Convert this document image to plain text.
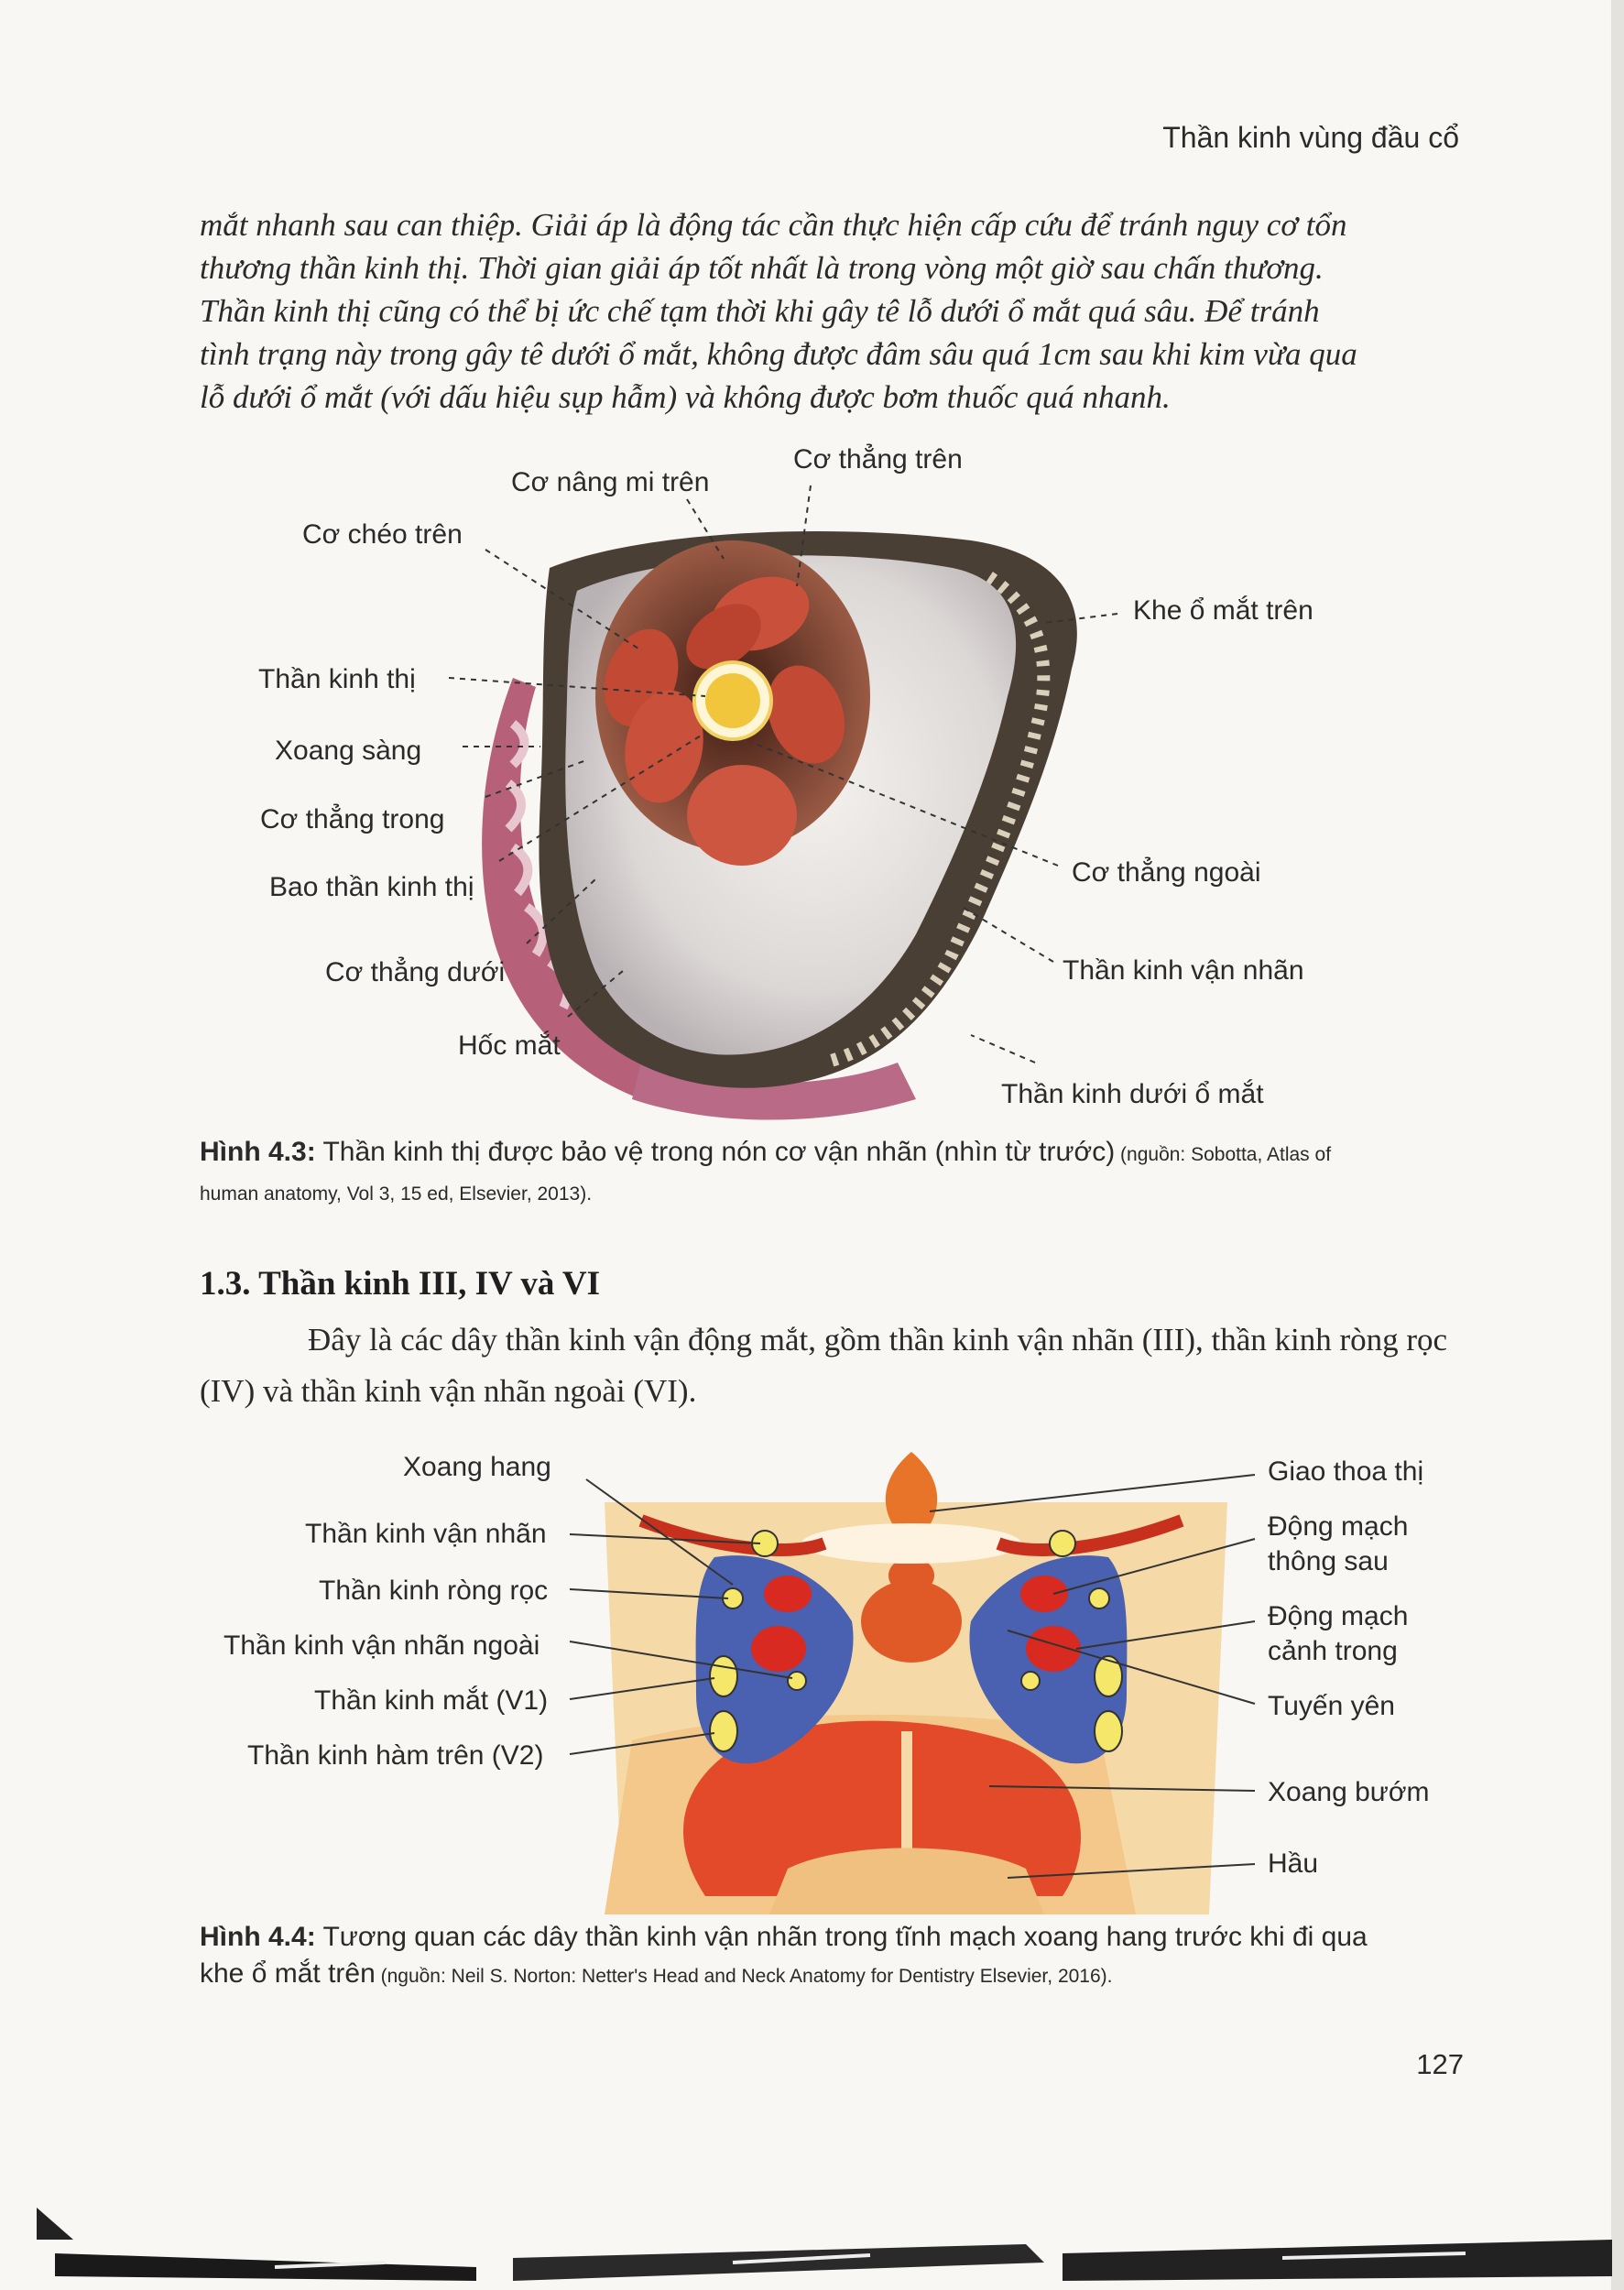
Thần kinh vùng đầu cổ

mắt nhanh sau can thiệp. Giải áp là động tác cần thực hiện cấp cứu để tránh nguy cơ tổn

thương thần kinh thị. Thời gian giải áp tốt nhất là trong vòng một giờ sau chấn thương.

Thần kinh thị cũng có thể bị ức chế tạm thời khi gây tê lỗ dưới ổ mắt quá sâu. Để tránh

tình trạng này trong gây tê dưới ổ mắt, không được đâm sâu quá 1cm sau khi kim vừa qua

lỗ dưới ổ mắt (với dấu hiệu sụp hẫm) và không được bơm thuốc quá nhanh.

Cơ thẳng trên
Cơ nâng mi trên
Cơ chéo trên
Khe ổ mắt trên
Thần kinh thị
Xoang sàng
Cơ thẳng trong
Bao thần kinh thị	Cơ thẳng ngoài
Cơ thẳng dưới	Thần kinh vận nhãn
Hốc mắt
Thần kinh dưới ổ mắt
Hình 4.3: Thần kinh thị được bảo vệ trong nón cơ vận nhãn (nhìn từ trước) (nguồn: Sobotta, Atlas of
human anatomy, Vol 3, 15 ed, Elsevier, 2013).
1.3. Thần kinh III, IV và VI
Đây là các dây thần kinh vận động mắt, gồm thần kinh vận nhãn (III), thần kinh ròng rọc (IV) và thần kinh vận nhãn ngoài (VI).
Xoang hang
Thần kinh vận nhãn
Thần kinh ròng rọc
Thần kinh vận nhãn ngoài
Thần kinh mắt (V1)
Thần kinh hàm trên (V2)
Giao thoa thị
Động mạch
thông sau
Động mạch
cảnh trong
Tuyến yên
Xoang bướm
Hầu
Hình 4.4: Tương quan các dây thần kinh vận nhãn trong tĩnh mạch xoang hang trước khi đi qua
khe ổ mắt trên (nguồn: Neil S. Norton: Netter's Head and Neck Anatomy for Dentistry Elsevier, 2016).
127
